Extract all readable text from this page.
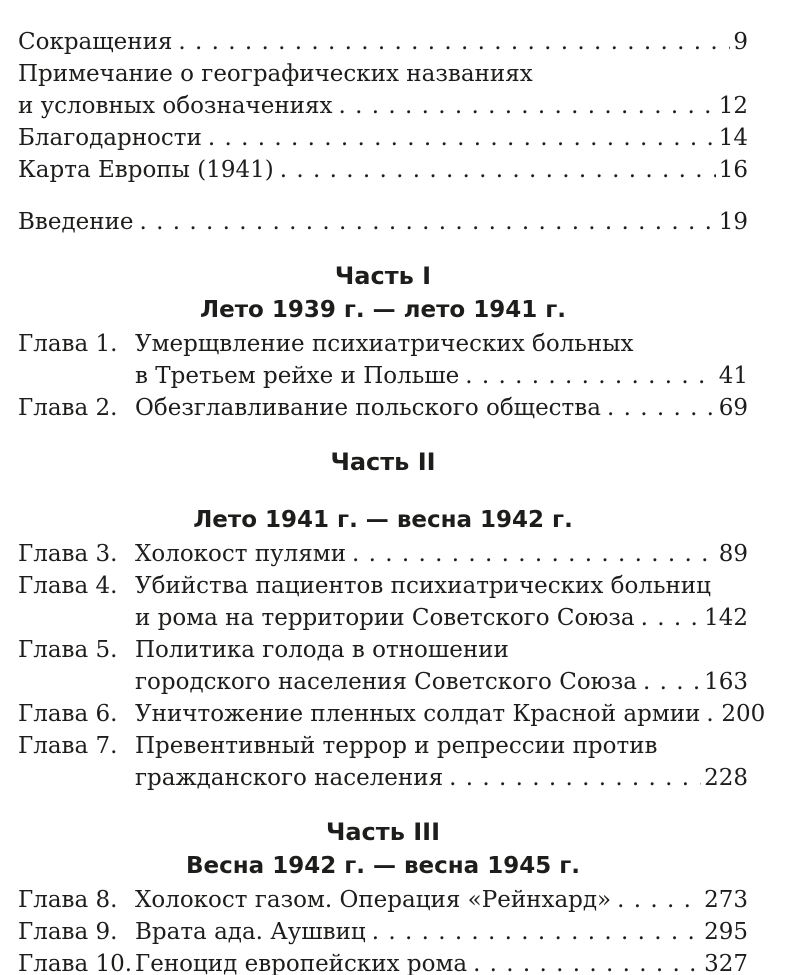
Сокращения . . .	9
Примечание о географических названиях
и условных обозначениях . . .	12
Благодарности . . .	14
Карта Европы (1941) . . .	16
Введение . . .	19
Часть I
Лето 1939 г. — лето 1941 г.
Глава 1. Умерщвление психиатрических больных
в Третьем рейхе и Польше . . .	41
Глава 2. Обезглавливание польского общества . . .	69
Часть II
Лето 1941 г. — весна 1942 г.
Глава 3. Холокост пулями . . .	89
Глава 4. Убийства пациентов психиатрических больниц
и рома на территории Советского Союза . . .	142
Глава 5. Политика голода в отношении
городского населения Советского Союза . . .	163
Глава 6. Уничтожение пленных солдат Красной армии . . . 200
Глава 7. Превентивный террор и репрессии против
гражданского населения . . .	228
Часть III
Весна 1942 г. — весна 1945 г.
Глава 8. Холокост газом. Операция «Рейнхард» . . .	273
Глава 9. Врата ада. Аушвиц . . .	295
Глава 10. Геноцид европейских рома . . .	327
